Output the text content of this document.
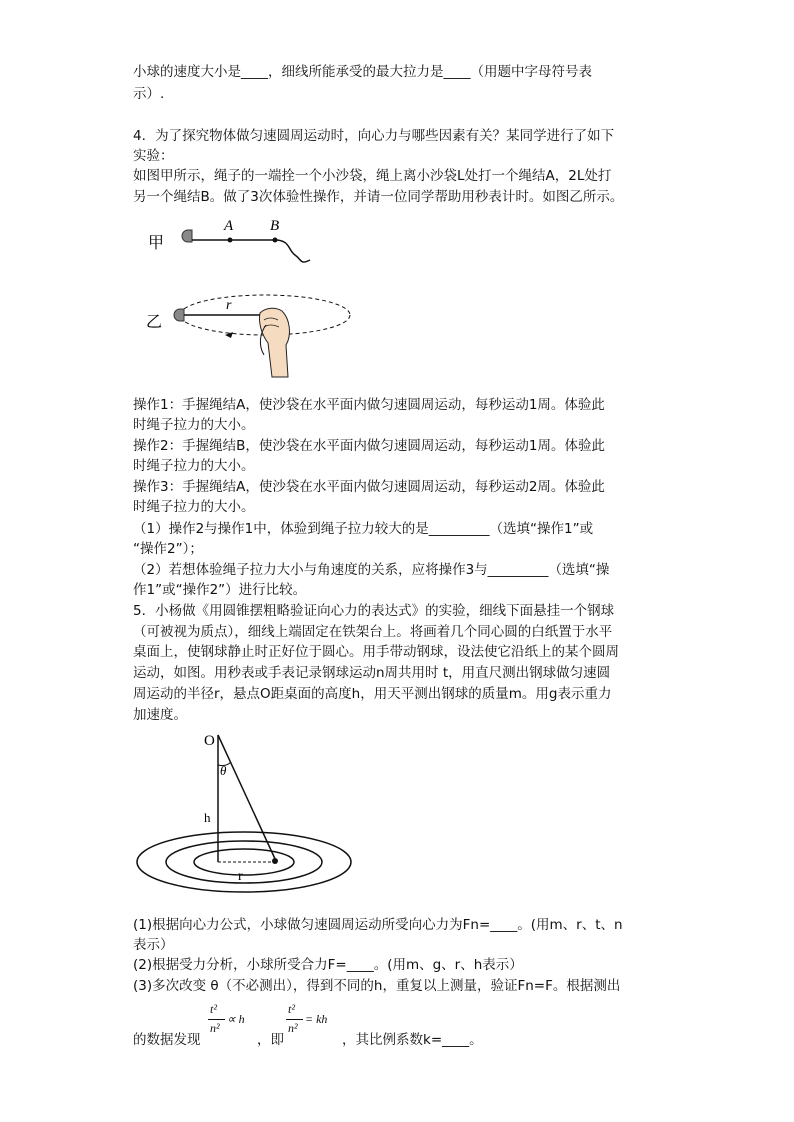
小球的速度大小是____，细线所能承受的最大拉力是____（用题中字母符号表
示）.
4．为了探究物体做匀速圆周运动时，向心力与哪些因素有关？某同学进行了如下
实验：
如图甲所示，绳子的一端拴一个小沙袋，绳上离小沙袋L处打一个绳结A，2L处打
另一个绳结B。做了3次体验性操作，并请一位同学帮助用秒表计时。如图乙所示。
甲
A B
乙
r
操作1：手握绳结A，使沙袋在水平面内做匀速圆周运动，每秒运动1周。体验此
时绳子拉力的大小。
操作2：手握绳结B，使沙袋在水平面内做匀速圆周运动，每秒运动1周。体验此
时绳子拉力的大小。
操作3：手握绳结A，使沙袋在水平面内做匀速圆周运动，每秒运动2周。体验此
时绳子拉力的大小。
（1）操作2与操作1中，体验到绳子拉力较大的是_________（选填“操作1”或
“操作2”）；
（2）若想体验绳子拉力大小与角速度的关系，应将操作3与_________（选填“操
作1”或“操作2”）进行比较。
5．小杨做《用圆锥摆粗略验证向心力的表达式》的实验，细线下面悬挂一个钢球
（可被视为质点），细线上端固定在铁架台上。将画着几个同心圆的白纸置于水平
桌面上，使钢球静止时正好位于圆心。用手带动钢球，设法使它沿纸上的某个圆周
运动，如图。用秒表或手表记录钢球运动n周共用时 t，用直尺测出钢球做匀速圆
周运动的半径r，悬点O距桌面的高度h，用天平测出钢球的质量m。用g表示重力
加速度。
O
θ
h
r
(1)根据向心力公式，小球做匀速圆周运动所受向心力为Fn=____。(用m、r、t、n
表示）
(2)根据受力分析，小球所受合力F=____。(用m、g、r、h表示）
(3)多次改变 θ（不必测出），得到不同的h，重复以上测量，验证Fn=F。根据测出
的数据发现
t²
n²
∝ h
，即
t²
n²
= kh
，其比例系数k=____。
